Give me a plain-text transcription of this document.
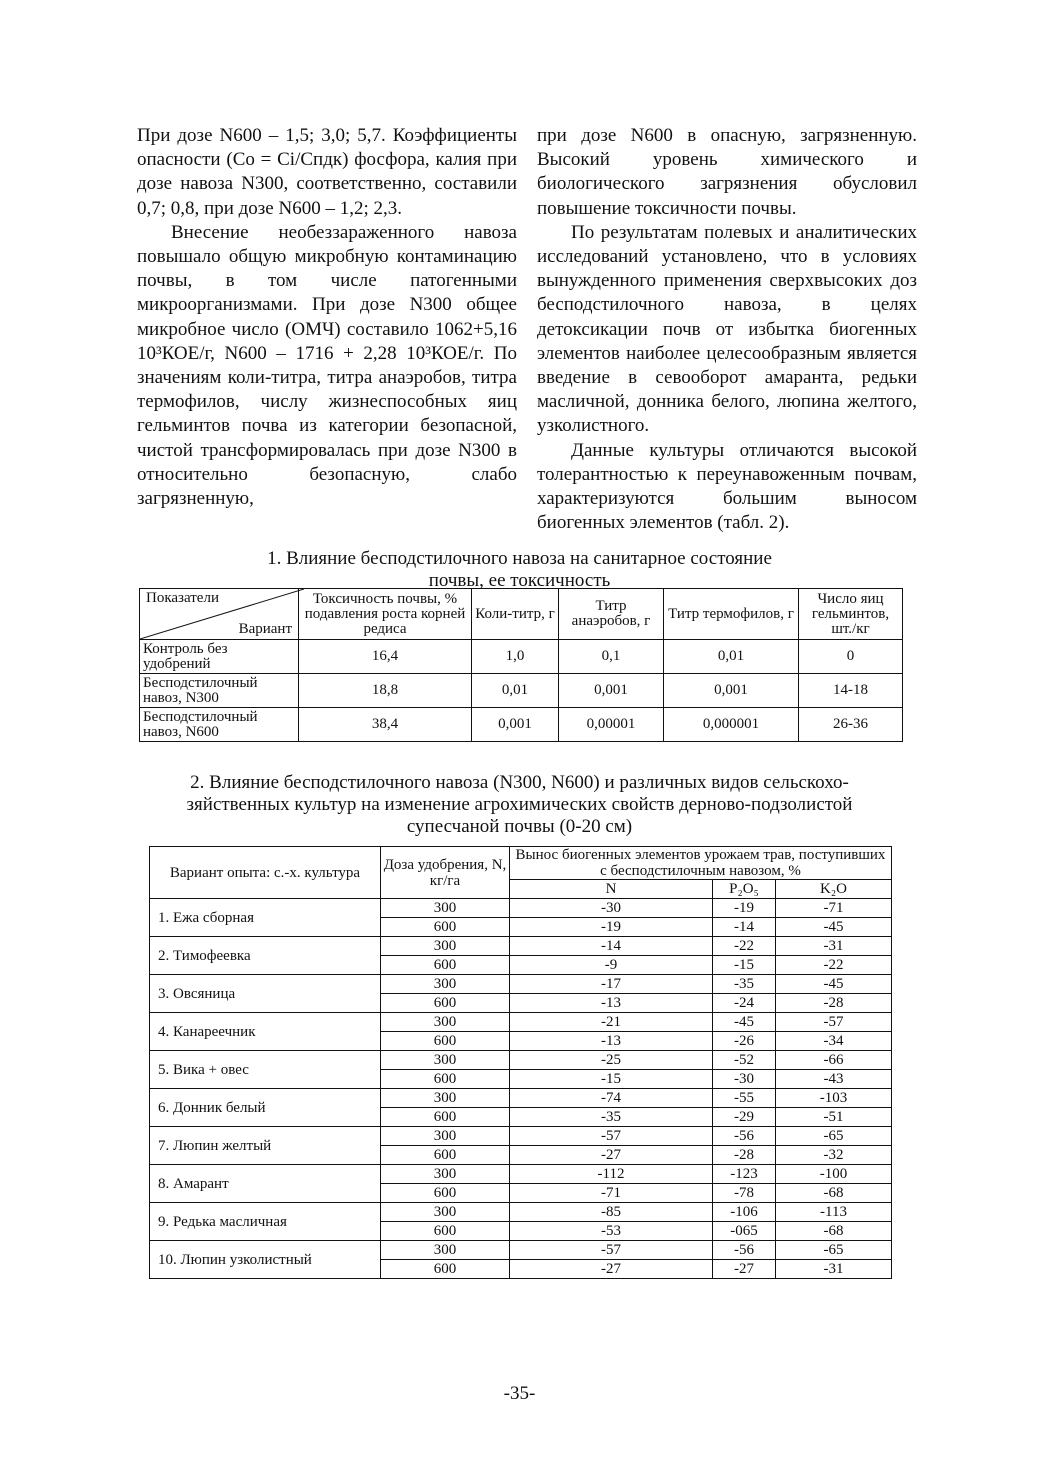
При дозе N600 – 1,5; 3,0; 5,7. Коэффициенты опасности (Co = Ci/Спдк) фосфора, калия при дозе навоза N300, соответственно, составили 0,7; 0,8, при дозе N600 – 1,2; 2,3.

Внесение необеззараженного навоза повышало общую микробную контаминацию почвы, в том числе патогенными микроорганизмами. При дозе N300 общее микробное число (ОМЧ) составило 1062+5,16 10³КОЕ/г, N600 – 1716 + 2,28 10³КОЕ/г. По значениям коли-титра, титра анаэробов, титра термофилов, числу жизнеспособных яиц гельминтов почва из категории безопасной, чистой трансформировалась при дозе N300 в относительно безопасную, слабо загрязненную,

при дозе N600 в опасную, загрязненную. Высокий уровень химического и биологического загрязнения обусловил повышение токсичности почвы.

По результатам полевых и аналитических исследований установлено, что в условиях вынужденного применения сверхвысоких доз бесподстилочного навоза, в целях детоксикации почв от избытка биогенных элементов наиболее целесообразным является введение в севооборот амаранта, редьки масличной, донника белого, люпина желтого, узколистного.

Данные культуры отличаются высокой толерантностью к переунавоженным почвам, характеризуются большим выносом биогенных элементов (табл. 2).

1. Влияние бесподстилочного навоза на санитарное состояние
почвы, ее токсичность
Показатели
Вариант	Токсичность почвы, % подавления роста корней редиса	Коли-титр, г	Титр анаэробов, г	Титр термофилов, г	Число яиц гельминтов, шт./кг
Контроль без удобрений	16,4	1,0	0,1	0,01	0
Бесподстилочный навоз, N300	18,8	0,01	0,001	0,001	14-18
Бесподстилочный навоз, N600	38,4	0,001	0,00001	0,000001	26-36
2. Влияние бесподстилочного навоза (N300, N600) и различных видов сельскохо-
зяйственных культур на изменение агрохимических свойств дерново-подзолистой
супесчаной почвы (0-20 см)
Вариант опыта: с.-х. культура	Доза удобрения, N, кг/га	Вынос биогенных элементов урожаем трав, поступивших с бесподстилочным навозом, %		
		N	P₂O₅	K₂O
1. Ежа сборная	300	-30	-19	-71
	600	-19	-14	-45
2. Тимофеевка	300	-14	-22	-31
	600	-9	-15	-22
3. Овсяница	300	-17	-35	-45
	600	-13	-24	-28
4. Канареечник	300	-21	-45	-57
	600	-13	-26	-34
5. Вика + овес	300	-25	-52	-66
	600	-15	-30	-43
6. Донник белый	300	-74	-55	-103
	600	-35	-29	-51
7. Люпин желтый	300	-57	-56	-65
	600	-27	-28	-32
8. Амарант	300	-112	-123	-100
	600	-71	-78	-68
9. Редька масличная	300	-85	-106	-113
	600	-53	-065	-68
10. Люпин узколистный	300	-57	-56	-65
	600	-27	-27	-31
-35-
